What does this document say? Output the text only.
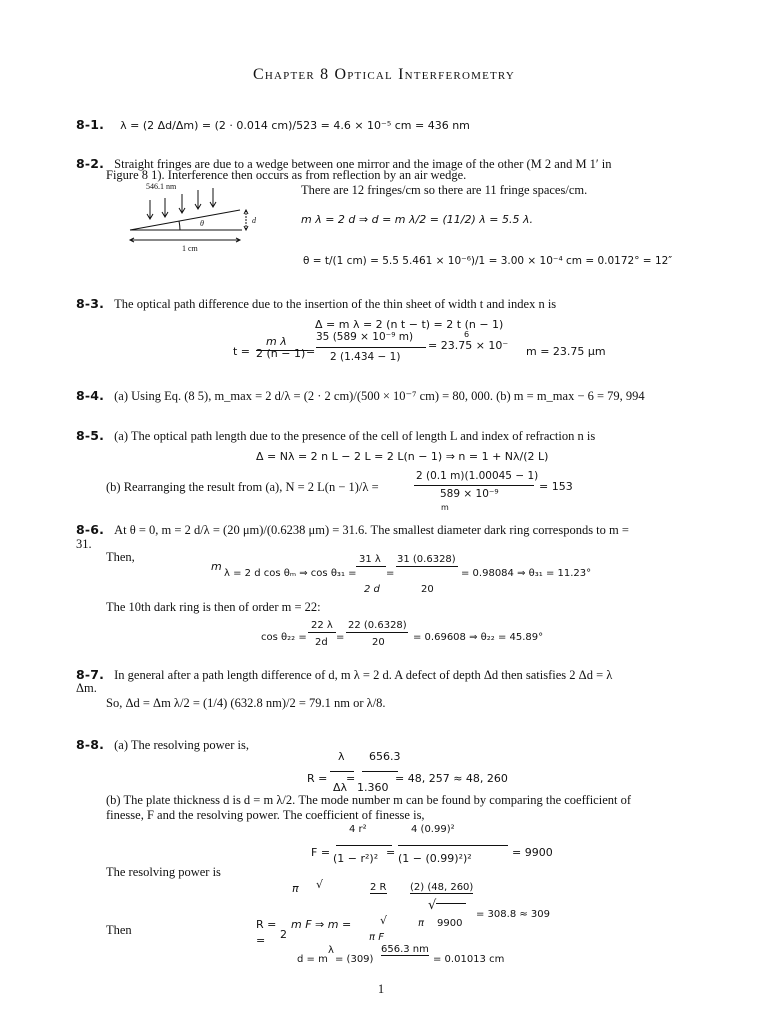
Chapter 8 Optical Interferometry
8-1. λ = (2 Δd/Δm) = (2 · 0.014 cm)/523 = 4.6 × 10⁻⁵ cm = 436 nm
8-2. Straight fringes are due to a wedge between one mirror and the image of the other (M 2 and M 1′ in
Figure 8 1). Interference then occurs as from reflection by an air wedge.
546.1 nm
θ	d
1 cm
There are 12 fringes/cm so there are 11 fringe spaces/cm.
m λ = 2 d ⇒ d = m λ/2 = (11/2) λ = 5.5 λ.
θ = t/(1 cm) = 5.5 5.461 × 10⁻⁶)/1 = 3.00 × 10⁻⁴ cm = 0.0172° = 12″
8-3. The optical path difference due to the insertion of the thin sheet of width t and index n is
Δ = m λ = 2 (n t − t) = 2 t (n − 1)
6
t =
m λ
2 (n − 1) =
35 (589 × 10⁻⁹ m)
2 (1.434 − 1)
= 23.75 × 10⁻ m = 23.75 μm
8-4. (a) Using Eq. (8 5), m_max = 2 d/λ = (2 · 2 cm)/(500 × 10⁻⁷ cm) = 80, 000. (b) m = m_max − 6 = 79, 994
8-5. (a) The optical path length due to the presence of the cell of length L and index of refraction n is
Δ = Nλ = 2 n L − 2 L = 2 L(n − 1) ⇒ n = 1 + Nλ/(2 L)
(b) Rearranging the result from (a), N = 2 L(n − 1)/λ =
2 (0.1 m)(1.00045 − 1)
589 × 10⁻⁹
m
= 153
8-6. At θ = 0, m = 2 d/λ = (20 μm)/(0.6238 μm) = 31.6. The smallest diameter dark ring corresponds to m =
31.
Then,
m
λ = 2 d cos θₘ ⇒ cos θ₃₁ =
31 λ
2 d
=
31 (0.6328)
20
= 0.98084 ⇒ θ₃₁ = 11.23°
The 10th dark ring is then of order m = 22:
cos θ₂₂ =
22 λ
2d =
22 (0.6328)
20	= 0.69608 ⇒ θ₂₂ = 45.89°
8-7. In general after a path length difference of d, m λ = 2 d. A defect of depth Δd then satisfies 2 Δd = λ
Δm.
So, Δd = Δm λ/2 = (1/4) (632.8 nm)/2 = 79.1 nm or λ/8.
8-8. (a) The resolving power is,
R =
λ
Δλ
=
656.3
1.360
= 48, 257 ≈ 48, 260
(b) The plate thickness d is d = m λ/2. The mode number m can be found by comparing the coefficient of
finesse, F and the resolving power. The coefficient of finesse is,
F =
4 r²
(1 − r²)² =
4 (0.99)²
(1 − (0.99)²)²	= 9900
The resolving power is
π √	2 R (2) (48, 260)
Then	R =
= 2
m F ⇒ m =	√
π F
π
√
9900
= 308.8 ≈ 309
d = m
λ
= (309)
656.3 nm
= 0.01013 cm
1
